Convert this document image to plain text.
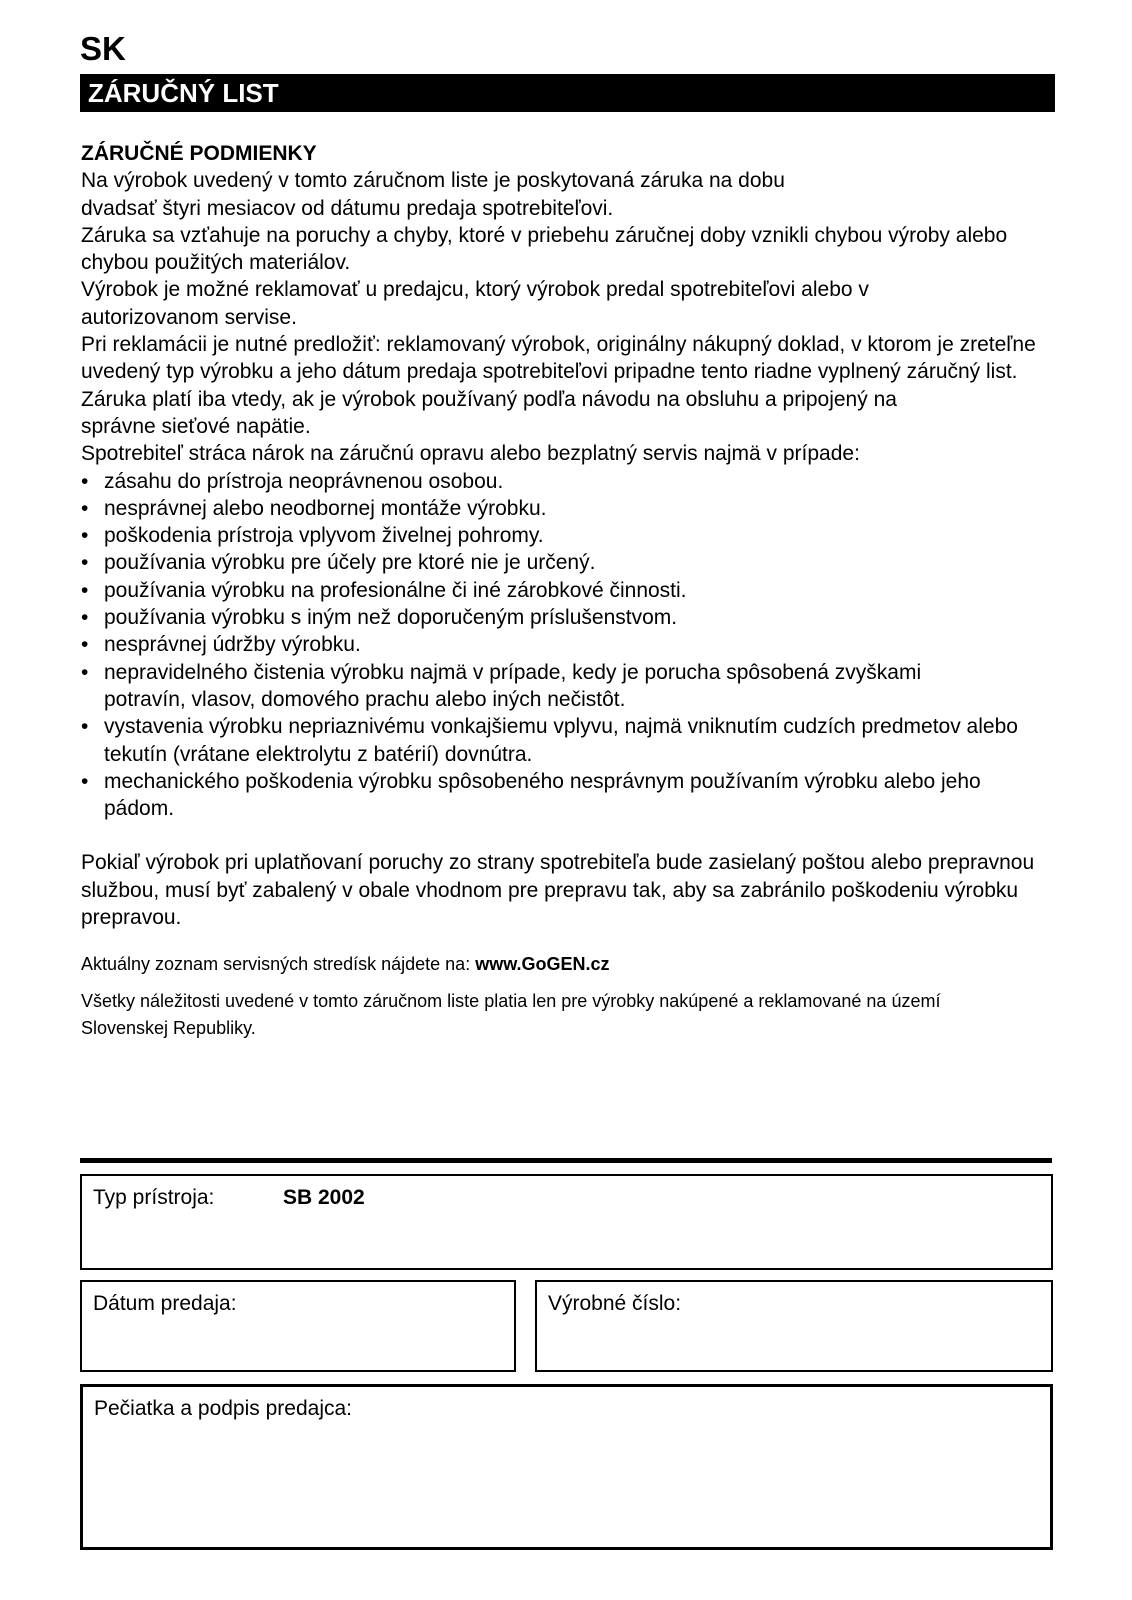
SK
ZÁRUČNÝ LIST

ZÁRUČNÉ PODMIENKY

Na výrobok uvedený v tomto záručnom liste je poskytovaná záruka na dobu dvadsať štyri mesiacov od dátumu predaja spotrebiteľovi.

Záruka sa vzťahuje na poruchy a chyby, ktoré v priebehu záručnej doby vznikli chybou výroby alebo chybou použitých materiálov.

Výrobok je možné reklamovať u predajcu, ktorý výrobok predal spotrebiteľovi alebo v autorizovanom servise.

Pri reklamácii je nutné predložiť: reklamovaný výrobok, originálny nákupný doklad, v ktorom je zreteľne uvedený typ výrobku a jeho dátum predaja spotrebiteľovi pripadne tento riadne vyplnený záručný list.

Záruka platí iba vtedy, ak je výrobok používaný podľa návodu na obsluhu a pripojený na správne sieťové napätie.

Spotrebiteľ stráca nárok na záručnú opravu alebo bezplatný servis najmä v prípade:

• zásahu do prístroja neoprávnenou osobou.
• nesprávnej alebo neodbornej montáže výrobku.
• poškodenia prístroja vplyvom živelnej pohromy.
• používania výrobku pre účely pre ktoré nie je určený.
• používania výrobku na profesionálne či iné zárobkové činnosti.
• používania výrobku s iným než doporučeným príslušenstvom.
• nesprávnej údržby výrobku.
• nepravidelného čistenia výrobku najmä v prípade, kedy je porucha spôsobená zvyškami potravín, vlasov, domového prachu alebo iných nečistôt.
• vystavenia výrobku nepriaznivému vonkajšiemu vplyvu, najmä vniknutím cudzích predmetov alebo tekutín (vrátane elektrolytu z batérií) dovnútra.
• mechanického poškodenia výrobku spôsobeného nesprávnym používaním výrobku alebo jeho pádom.

Pokiaľ výrobok pri uplatňovaní poruchy zo strany spotrebiteľa bude zasielaný poštou alebo prepravnou službou, musí byť zabalený v obale vhodnom pre prepravu tak, aby sa zabránilo poškodeniu výrobku prepravou.

Aktuálny zoznam servisných stredísk nájdete na: www.GoGEN.cz

Všetky náležitosti uvedené v tomto záručnom liste platia len pre výrobky nakúpené a reklamované na území Slovenskej Republiky.

Typ prístroja:	SB 2002
Dátum predaja:	Výrobné číslo:
Pečiatka a podpis predajca:
